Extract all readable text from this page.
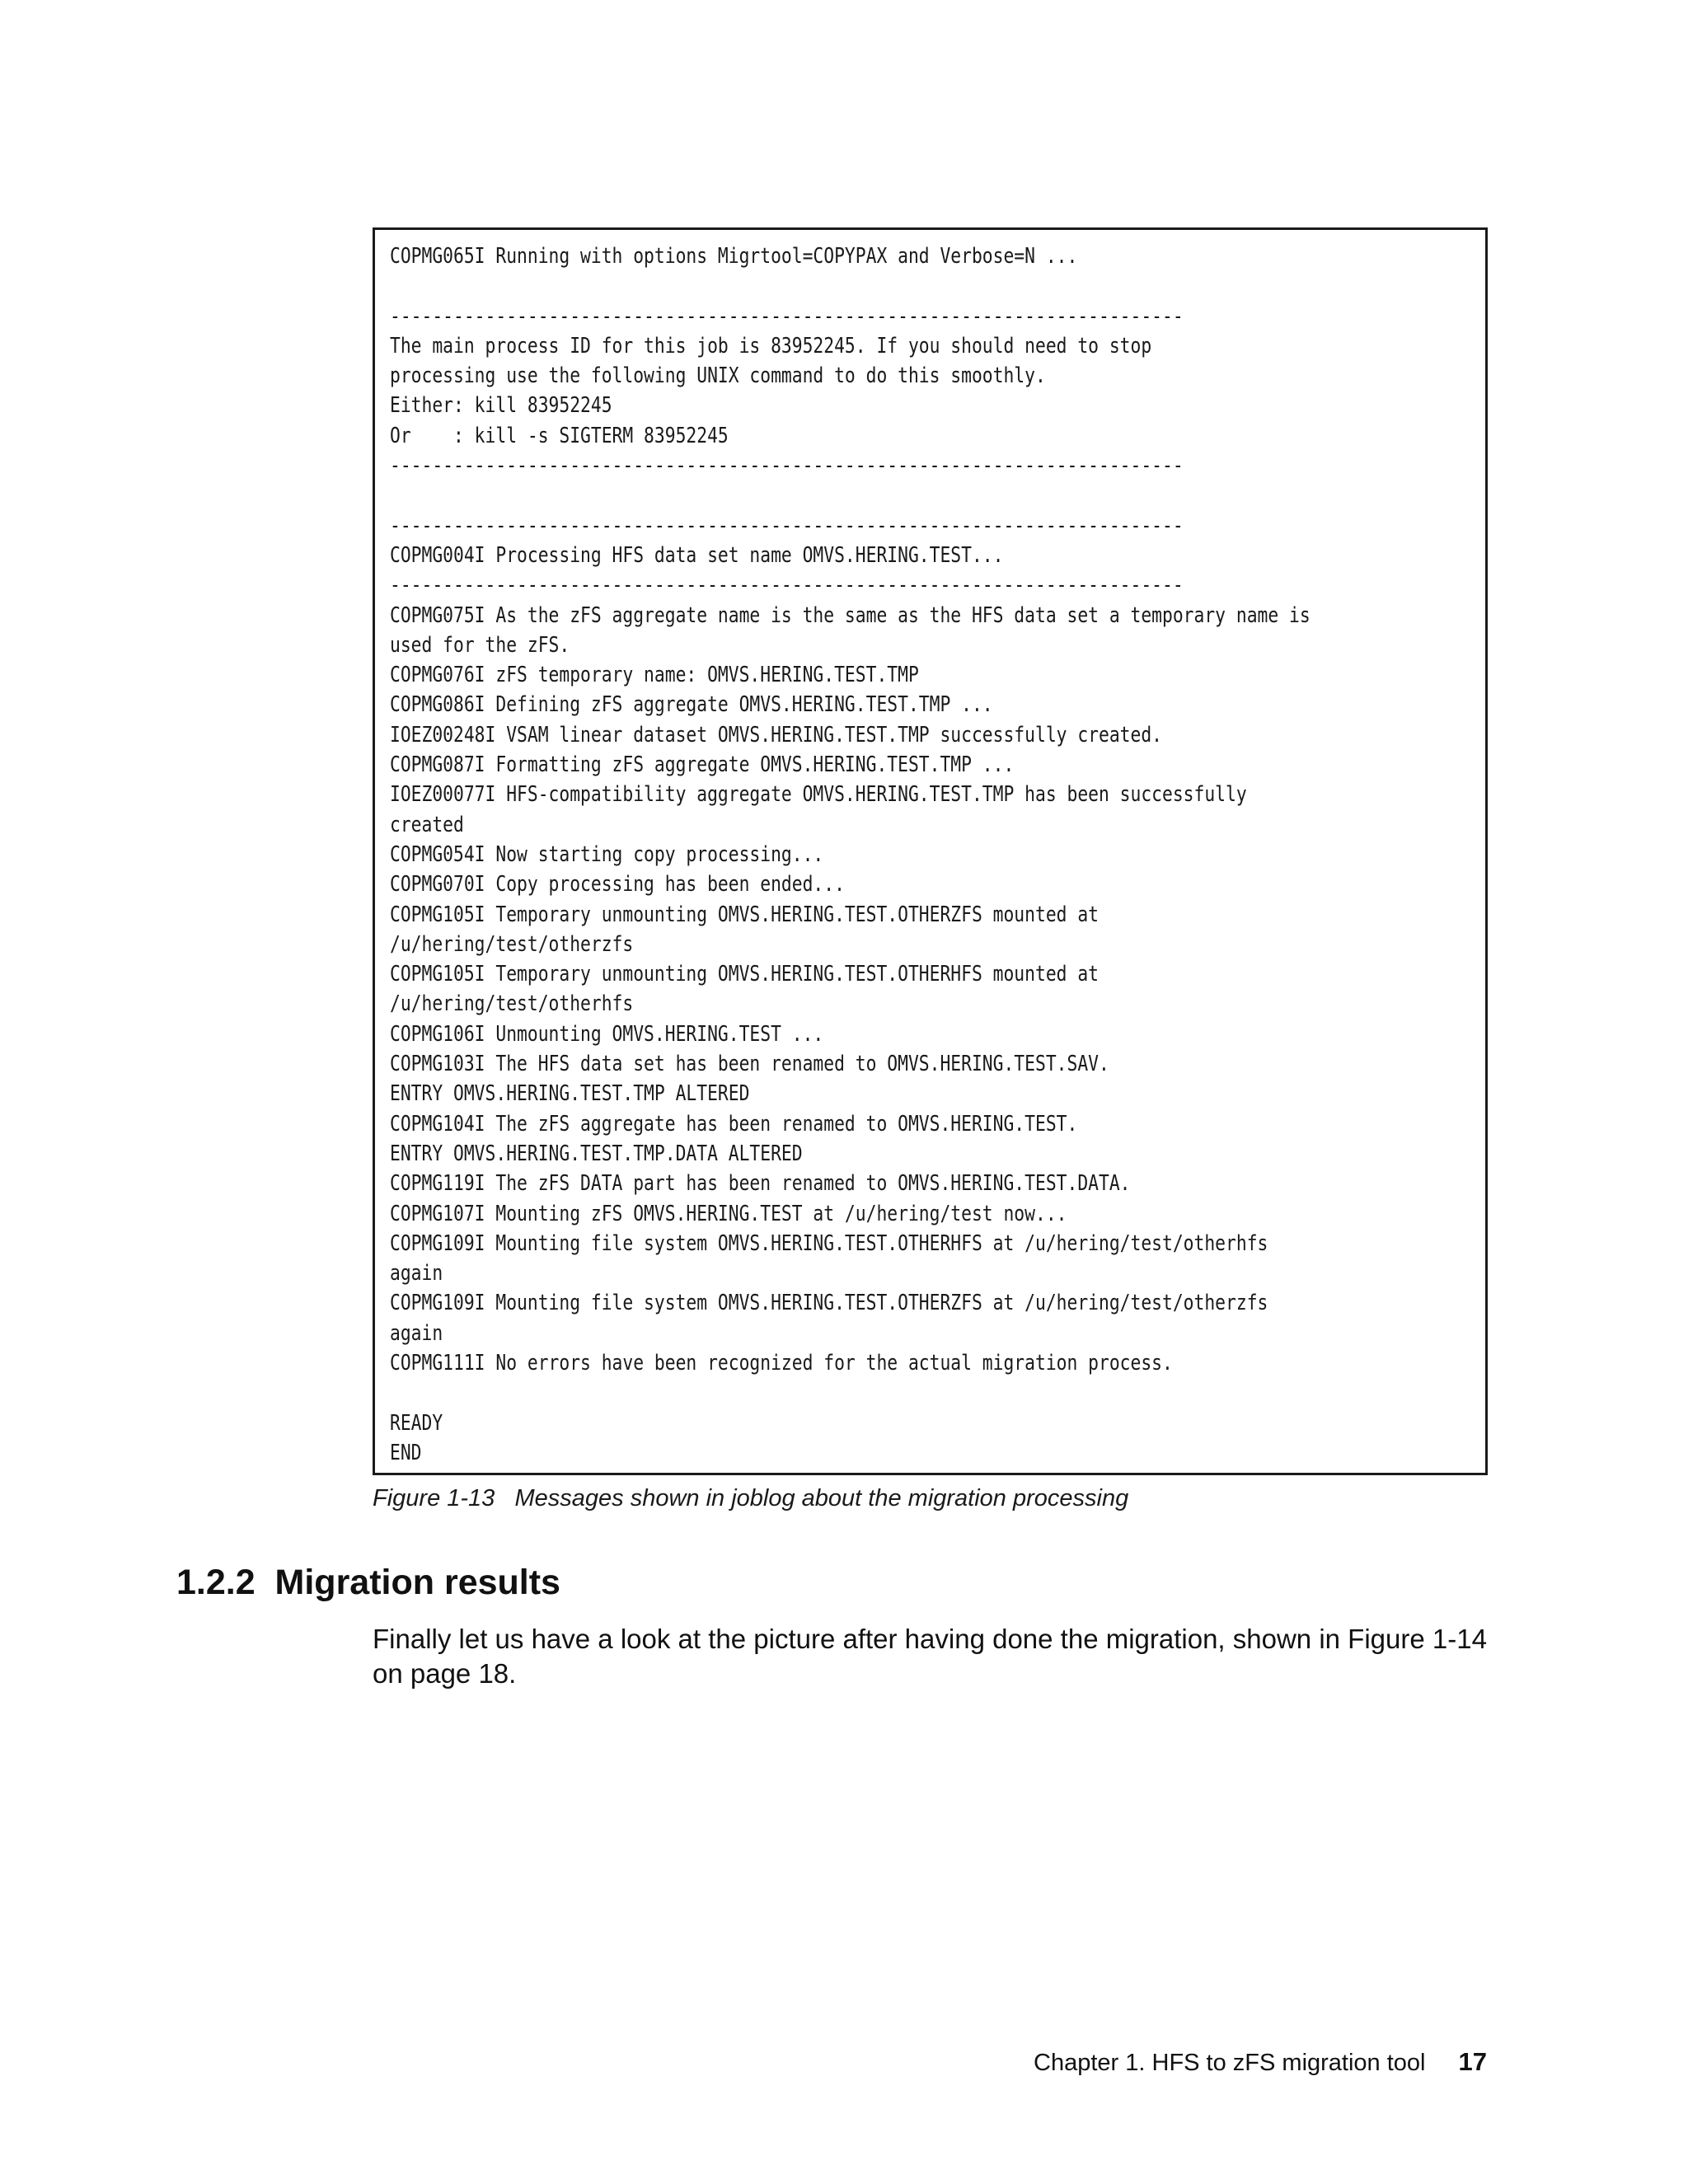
COPMG065I Running with options Migrtool=COPYPAX and Verbose=N ...
---------------------------------------------------------------------------
The main process ID for this job is 83952245. If you should need to stop
processing use the following UNIX command to do this smoothly.
Either: kill 83952245
Or    : kill -s SIGTERM 83952245
---------------------------------------------------------------------------
---------------------------------------------------------------------------
COPMG004I Processing HFS data set name OMVS.HERING.TEST...
---------------------------------------------------------------------------
COPMG075I As the zFS aggregate name is the same as the HFS data set a temporary name is
used for the zFS.
COPMG076I zFS temporary name: OMVS.HERING.TEST.TMP
COPMG086I Defining zFS aggregate OMVS.HERING.TEST.TMP ...
IOEZ00248I VSAM linear dataset OMVS.HERING.TEST.TMP successfully created.
COPMG087I Formatting zFS aggregate OMVS.HERING.TEST.TMP ...
IOEZ00077I HFS-compatibility aggregate OMVS.HERING.TEST.TMP has been successfully
created
COPMG054I Now starting copy processing...
COPMG070I Copy processing has been ended...
COPMG105I Temporary unmounting OMVS.HERING.TEST.OTHERZFS mounted at
/u/hering/test/otherzfs
COPMG105I Temporary unmounting OMVS.HERING.TEST.OTHERHFS mounted at
/u/hering/test/otherhfs
COPMG106I Unmounting OMVS.HERING.TEST ...
COPMG103I The HFS data set has been renamed to OMVS.HERING.TEST.SAV.
ENTRY OMVS.HERING.TEST.TMP ALTERED
COPMG104I The zFS aggregate has been renamed to OMVS.HERING.TEST.
ENTRY OMVS.HERING.TEST.TMP.DATA ALTERED
COPMG119I The zFS DATA part has been renamed to OMVS.HERING.TEST.DATA.
COPMG107I Mounting zFS OMVS.HERING.TEST at /u/hering/test now...
COPMG109I Mounting file system OMVS.HERING.TEST.OTHERHFS at /u/hering/test/otherhfs
again
COPMG109I Mounting file system OMVS.HERING.TEST.OTHERZFS at /u/hering/test/otherzfs
again
COPMG111I No errors have been recognized for the actual migration process.
READY
END
Figure 1-13   Messages shown in joblog about the migration processing
1.2.2  Migration results
Finally let us have a look at the picture after having done the migration, shown in Figure 1-14
on page 18.
Chapter 1. HFS to zFS migration tool 17
